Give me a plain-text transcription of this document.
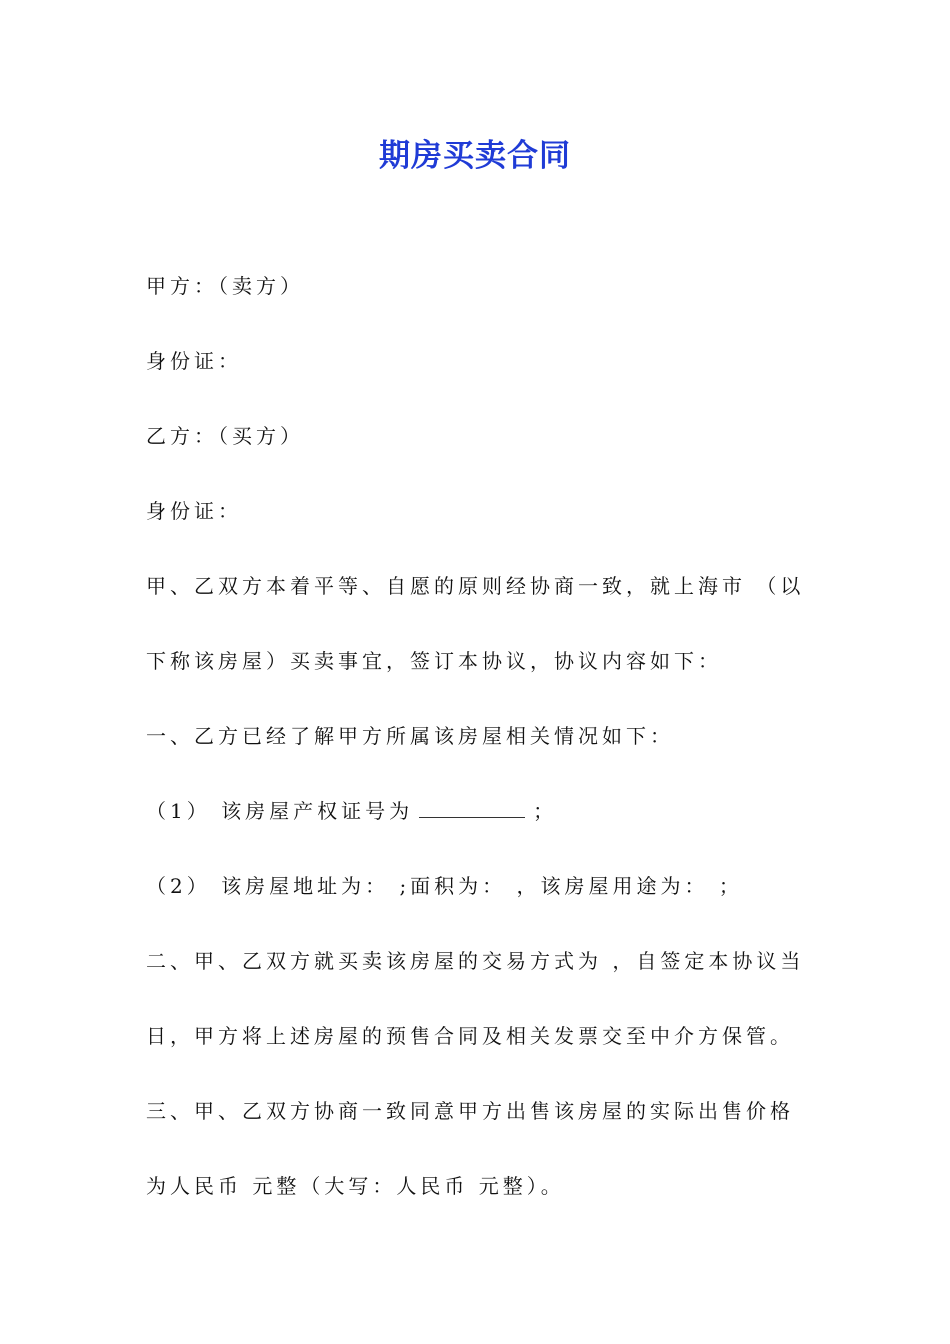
期房买卖合同
甲方：（卖方）
身份证：
乙方：（买方）
身份证：
甲、乙双方本着平等、自愿的原则经协商一致，就上海市 （以
下称该房屋）买卖事宜，签订本协议，协议内容如下：
一、乙方已经了解甲方所属该房屋相关情况如下：
（1） 该房屋产权证号为	；
（2） 该房屋地址为： ;面积为： ，该房屋用途为： ；
二、甲、乙双方就买卖该房屋的交易方式为 ，自签定本协议当
日，甲方将上述房屋的预售合同及相关发票交至中介方保管。
三、甲、乙双方协商一致同意甲方出售该房屋的实际出售价格
为人民币 元整（大写：人民币 元整）。
